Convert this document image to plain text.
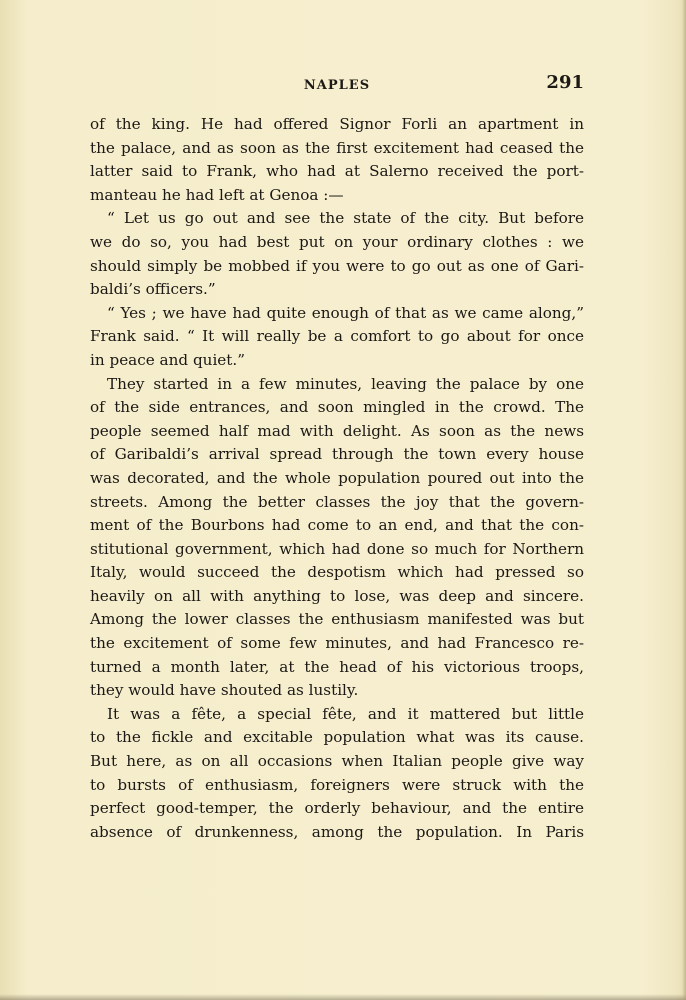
NAPLES	291
of the king. He had offered Signor Forli an apartment in
the palace, and as soon as the first excitement had ceased the
latter said to Frank, who had at Salerno received the port-
manteau he had left at Genoa :—
“ Let us go out and see the state of the city. But before
we do so, you had best put on your ordinary clothes : we
should simply be mobbed if you were to go out as one of Gari-
baldi’s officers.”
“ Yes ; we have had quite enough of that as we came along,”
Frank said. “ It will really be a comfort to go about for once
in peace and quiet.”
They started in a few minutes, leaving the palace by one
of the side entrances, and soon mingled in the crowd. The
people seemed half mad with delight. As soon as the news
of Garibaldi’s arrival spread through the town every house
was decorated, and the whole population poured out into the
streets. Among the better classes the joy that the govern-
ment of the Bourbons had come to an end, and that the con-
stitutional government, which had done so much for Northern
Italy, would succeed the despotism which had pressed so
heavily on all with anything to lose, was deep and sincere.
Among the lower classes the enthusiasm manifested was but
the excitement of some few minutes, and had Francesco re-
turned a month later, at the head of his victorious troops,
they would have shouted as lustily.
It was a fête, a special fête, and it mattered but little
to the fickle and excitable population what was its cause.
But here, as on all occasions when Italian people give way
to bursts of enthusiasm, foreigners were struck with the
perfect good-temper, the orderly behaviour, and the entire
absence of drunkenness, among the population. In Paris
